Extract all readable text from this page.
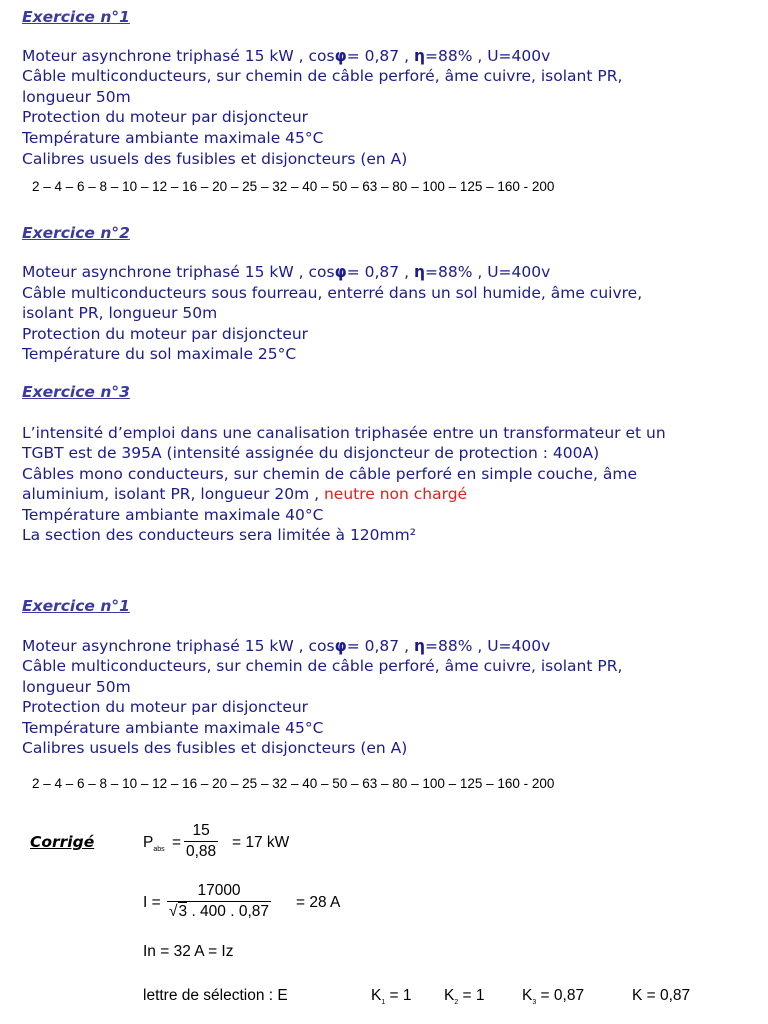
Exercice n°1
Moteur asynchrone triphasé 15 kW , cosφ= 0,87 , η=88% , U=400v
Câble multiconducteurs, sur chemin de câble perforé, âme cuivre, isolant PR,
longueur 50m
Protection du moteur par disjoncteur
Température ambiante maximale 45°C
Calibres usuels des fusibles et disjoncteurs (en A)
2 – 4 – 6 – 8 – 10 – 12 – 16 – 20 – 25 – 32 – 40 – 50 – 63 – 80 – 100 – 125 – 160 - 200
Exercice n°2
Moteur asynchrone triphasé 15 kW , cosφ= 0,87 , η=88% , U=400v
Câble multiconducteurs sous fourreau, enterré dans un sol humide, âme cuivre,
isolant PR, longueur 50m
Protection du moteur par disjoncteur
Température du sol maximale 25°C
Exercice n°3
L’intensité d’emploi dans une canalisation triphasée entre un transformateur et un
TGBT est de 395A (intensité assignée du disjoncteur de protection : 400A)
Câbles mono conducteurs, sur chemin de câble perforé en simple couche, âme
aluminium, isolant PR, longueur 20m , neutre non chargé
Température ambiante maximale 40°C
La section des conducteurs sera limitée à 120mm²
Exercice n°1
Moteur asynchrone triphasé 15 kW , cosφ= 0,87 , η=88% , U=400v
Câble multiconducteurs, sur chemin de câble perforé, âme cuivre, isolant PR,
longueur 50m
Protection du moteur par disjoncteur
Température ambiante maximale 45°C
Calibres usuels des fusibles et disjoncteurs (en A)
2 – 4 – 6 – 8 – 10 – 12 – 16 – 20 – 25 – 32 – 40 – 50 – 63 – 80 – 100 – 125 – 160 - 200
Corrigé	$P_{abs} = \frac{15}{0,88} = 17$ kW
$I = \frac{17000}{√3 . 400 . 0,87} = 28$ A
In = 32 A = Iz
lettre de sélection : E	$K_1 = 1$ $K_2 = 1$ $K_3 = 0,87$	K = 0,87
